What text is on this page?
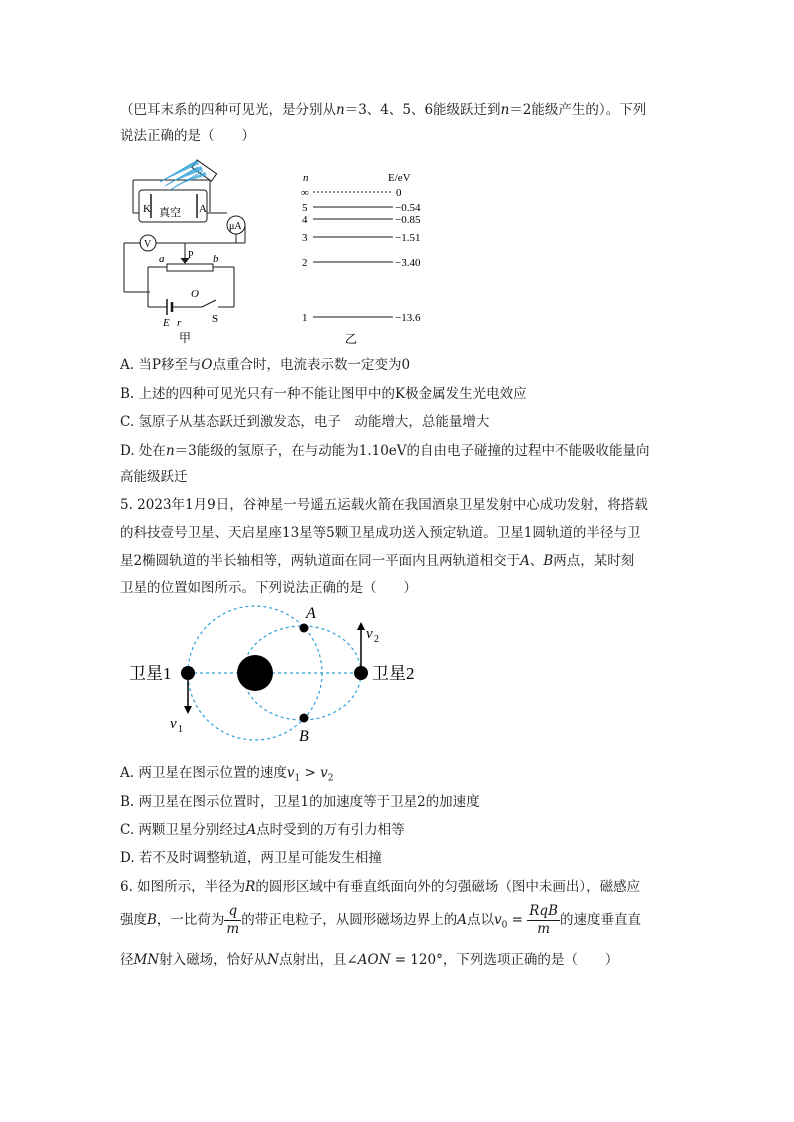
（巴耳末系的四种可见光，是分别从n＝3、4、5、6能级跃迁到n＝2能级产生的）。下列
说法正确的是（　　）
K 真空 A
μA
V
P
a	b
O
E r	S
甲
n	E/eV
∞	0
5	−0.54
4	−0.85
3	−1.51
2	−3.40
1	−13.6
乙
A. 当P移至与O点重合时，电流表示数一定变为0
B. 上述的四种可见光只有一种不能让图甲中的K极金属发生光电效应
C. 氢原子从基态跃迁到激发态，电子　动能增大，总能量增大
D. 处在n＝3能级的氢原子，在与动能为1.10eV的自由电子碰撞的过程中不能吸收能量向
高能级跃迁
5. 2023年1月9日，谷神星一号遥五运载火箭在我国酒泉卫星发射中心成功发射，将搭载
的科技壹号卫星、天启星座13星等5颗卫星成功送入预定轨道。卫星1圆轨道的半径与卫
星2椭圆轨道的半长轴相等，两轨道面在同一平面内且两轨道相交于A、B两点，某时刻
卫星的位置如图所示。下列说法正确的是（　　）
卫星1	卫星2
A
B
v 1
v 2
A. 两卫星在图示位置的速度$v_1 > v_2$
B. 两卫星在图示位置时，卫星1的加速度等于卫星2的加速度
C. 两颗卫星分别经过A点时受到的万有引力相等
D. 若不及时调整轨道，两卫星可能发生相撞
6. 如图所示，半径为R的圆形区域中有垂直纸面向外的匀强磁场（图中未画出），磁感应
强度B，一比荷为 $\frac{q}{m}$ 的带正电粒子，从圆形磁场边界上的A点以$v_0 = \frac{\text{RqB}}{m}$ 的速度垂直直
径MN射入磁场，恰好从N点射出，且∠AON = 120°，下列选项正确的是（　　）
